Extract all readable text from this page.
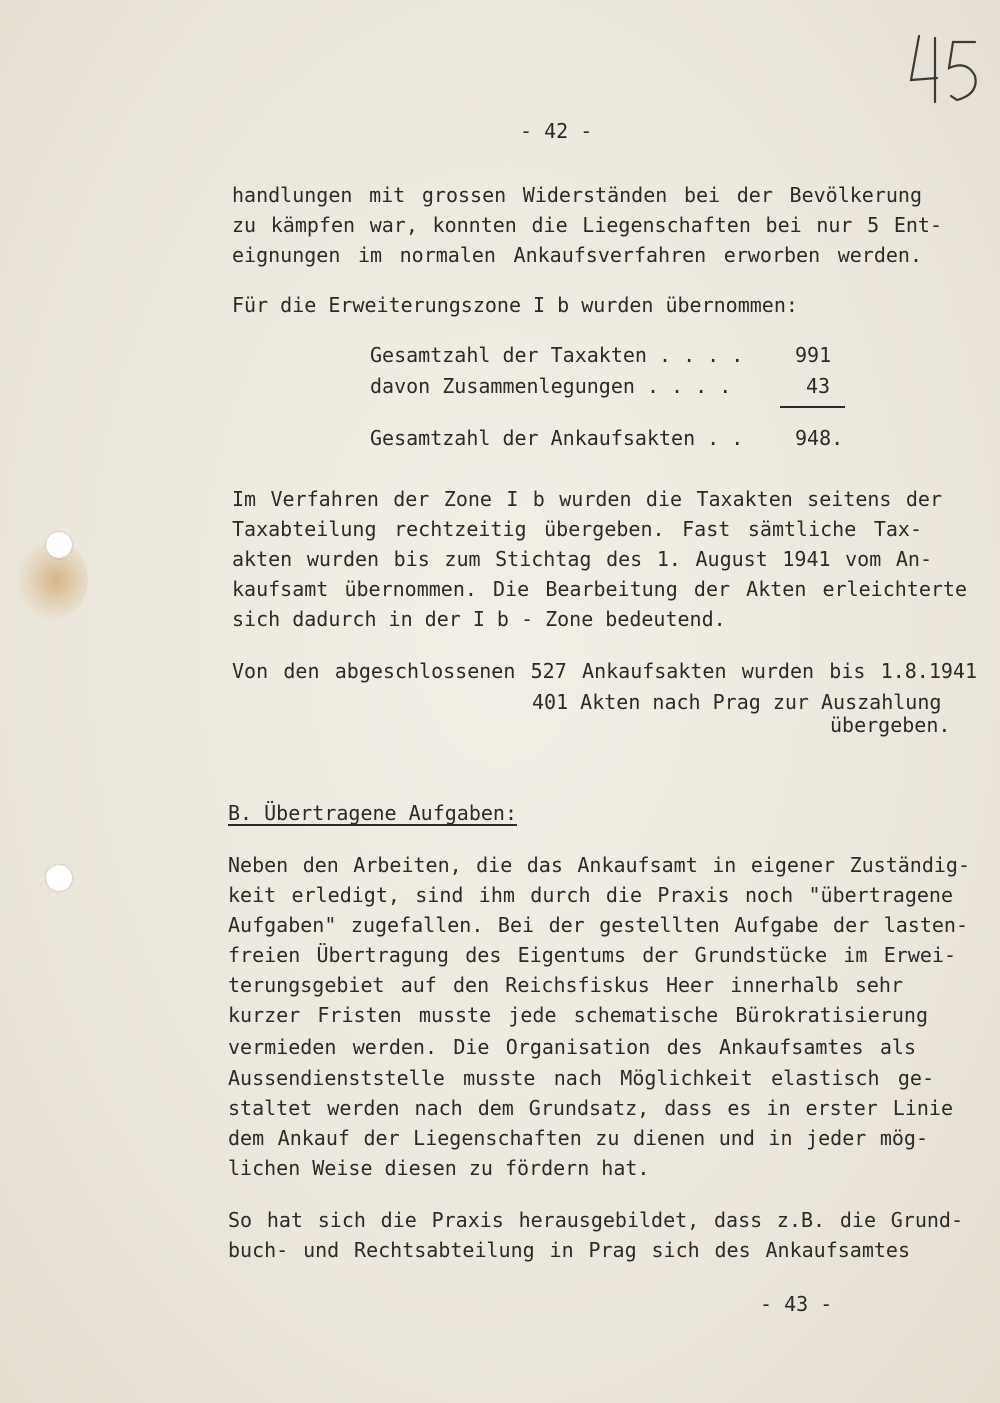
- 42 -
handlungen mit grossen Widerständen bei der Bevölkerung
zu kämpfen war, konnten die Liegenschaften bei nur 5 Ent-
eignungen im normalen Ankaufsverfahren erworben werden.
Für die Erweiterungszone I b wurden übernommen:
Gesamtzahl der Taxakten . . . .	991
davon Zusammenlegungen . . . .	43
Gesamtzahl der Ankaufsakten . .	948.
Im Verfahren der Zone I b wurden die Taxakten seitens der
Taxabteilung rechtzeitig übergeben. Fast sämtliche Tax-
akten wurden bis zum Stichtag des 1. August 1941 vom An-
kaufsamt übernommen. Die Bearbeitung der Akten erleichterte
sich dadurch in der I b - Zone bedeutend.
Von den abgeschlossenen 527 Ankaufsakten wurden bis 1.8.1941
401 Akten nach Prag zur Auszahlung
übergeben.
B. Übertragene Aufgaben:
Neben den Arbeiten, die das Ankaufsamt in eigener Zuständig-
keit erledigt, sind ihm durch die Praxis noch "übertragene
Aufgaben" zugefallen. Bei der gestellten Aufgabe der lasten-
freien Übertragung des Eigentums der Grundstücke im Erwei-
terungsgebiet auf den Reichsfiskus Heer innerhalb sehr
kurzer Fristen musste jede schematische Bürokratisierung
vermieden werden. Die Organisation des Ankaufsamtes als
Aussendienststelle musste nach Möglichkeit elastisch ge-
staltet werden nach dem Grundsatz, dass es in erster Linie
dem Ankauf der Liegenschaften zu dienen und in jeder mög-
lichen Weise diesen zu fördern hat.
So hat sich die Praxis herausgebildet, dass z.B. die Grund-
buch- und Rechtsabteilung in Prag sich des Ankaufsamtes
- 43 -
